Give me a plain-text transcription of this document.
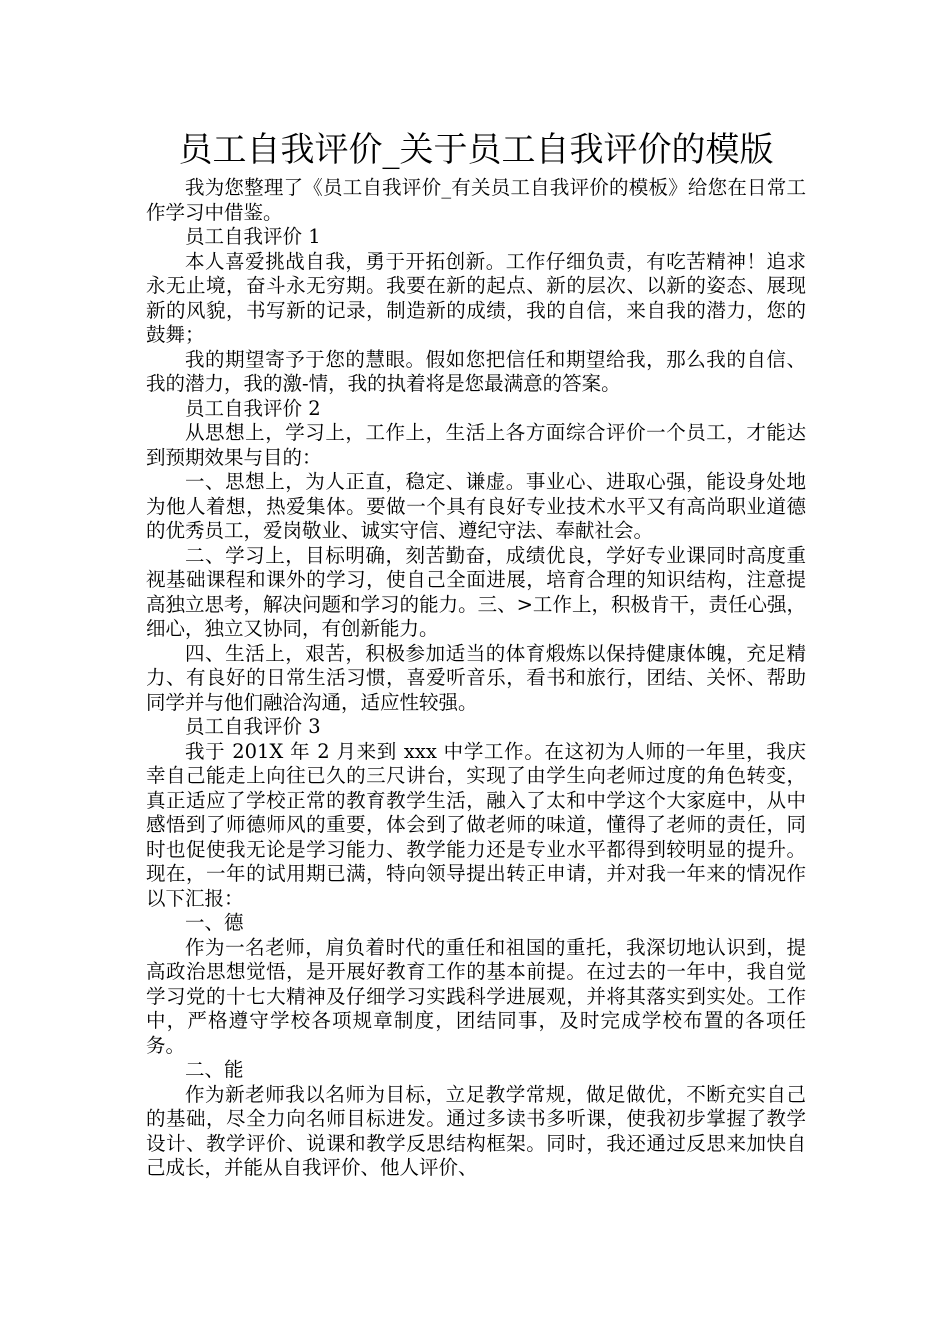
员工自我评价_关于员工自我评价的模版

我为您整理了《员工自我评价_有关员工自我评价的模板》给您在日常工作学习中借鉴。

员工自我评价 1

本人喜爱挑战自我，勇于开拓创新。工作仔细负责，有吃苦精神！追求永无止境，奋斗永无穷期。我要在新的起点、新的层次、以新的姿态、展现新的风貌，书写新的记录，制造新的成绩，我的自信，来自我的潜力，您的鼓舞；

我的期望寄予于您的慧眼。假如您把信任和期望给我，那么我的自信、我的潜力，我的激-情，我的执着将是您最满意的答案。

员工自我评价 2

从思想上，学习上，工作上，生活上各方面综合评价一个员工，才能达到预期效果与目的：

一、思想上，为人正直，稳定、谦虚。事业心、进取心强，能设身处地为他人着想，热爱集体。要做一个具有良好专业技术水平又有高尚职业道德的优秀员工，爱岗敬业、诚实守信、遵纪守法、奉献社会。

二、学习上，目标明确，刻苦勤奋，成绩优良，学好专业课同时高度重视基础课程和课外的学习，使自己全面进展，培育合理的知识结构，注意提高独立思考，解决问题和学习的能力。三、>工作上，积极肯干，责任心强，细心，独立又协同，有创新能力。

四、生活上，艰苦，积极参加适当的体育煅炼以保持健康体魄，充足精力、有良好的日常生活习惯，喜爱听音乐，看书和旅行，团结、关怀、帮助同学并与他们融洽沟通，适应性较强。

员工自我评价 3

我于 201X 年 2 月来到 xxx 中学工作。在这初为人师的一年里，我庆幸自己能走上向往已久的三尺讲台，实现了由学生向老师过度的角色转变，真正适应了学校正常的教育教学生活，融入了太和中学这个大家庭中，从中感悟到了师德师风的重要，体会到了做老师的味道，懂得了老师的责任，同时也促使我无论是学习能力、教学能力还是专业水平都得到较明显的提升。现在，一年的试用期已满，特向领导提出转正申请，并对我一年来的情况作以下汇报：

一、德

作为一名老师，肩负着时代的重任和祖国的重托，我深切地认识到，提高政治思想觉悟，是开展好教育工作的基本前提。在过去的一年中，我自觉学习党的十七大精神及仔细学习实践科学进展观，并将其落实到实处。工作中，严格遵守学校各项规章制度，团结同事，及时完成学校布置的各项任务。

二、能

作为新老师我以名师为目标，立足教学常规，做足做优，不断充实自己的基础，尽全力向名师目标进发。通过多读书多听课，使我初步掌握了教学设计、教学评价、说课和教学反思结构框架。同时，我还通过反思来加快自己成长，并能从自我评价、他人评价、
